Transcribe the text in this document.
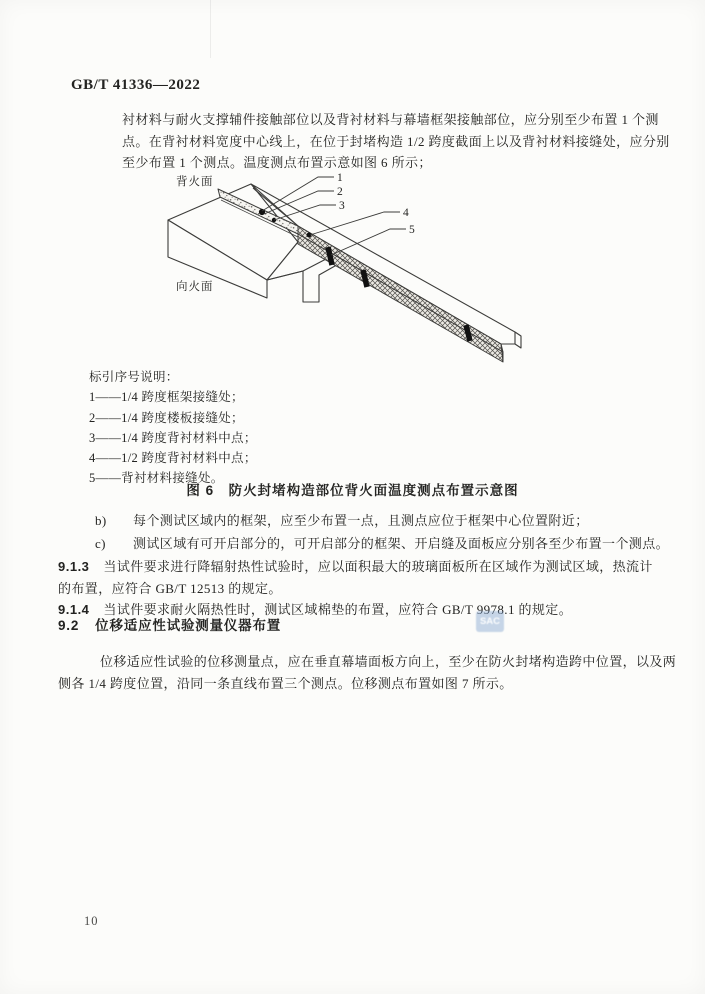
GB/T 41336—2022
衬材料与耐火支撑辅件接触部位以及背衬材料与幕墙框架接触部位，应分别至少布置 1 个测
点。在背衬材料宽度中心线上，在位于封堵构造 1/2 跨度截面上以及背衬材料接缝处，应分别
至少布置 1 个测点。温度测点布置示意如图 6 所示；
1
2
3
4
5
背火面
向火面
标引序号说明：
1——1/4 跨度框架接缝处；
2——1/4 跨度楼板接缝处；
3——1/4 跨度背衬材料中点；
4——1/2 跨度背衬材料中点；
5——背衬材料接缝处。
图 6　防火封堵构造部位背火面温度测点布置示意图
b) 每个测试区域内的框架，应至少布置一点，且测点应位于框架中心位置附近；
c) 测试区域有可开启部分的，可开启部分的框架、开启缝及面板应分别各至少布置一个测点。
9.1.3 当试件要求进行降辐射热性试验时，应以面积最大的玻璃面板所在区域作为测试区域，热流计
的布置，应符合 GB/T 12513 的规定。
9.1.4 当试件要求耐火隔热性时，测试区域棉垫的布置，应符合 GB/T 9978.1 的规定。
9.2 位移适应性试验测量仪器布置	SAC
位移适应性试验的位移测量点，应在垂直幕墙面板方向上，至少在防火封堵构造跨中位置，以及两
侧各 1/4 跨度位置，沿同一条直线布置三个测点。位移测点布置如图 7 所示。
10
